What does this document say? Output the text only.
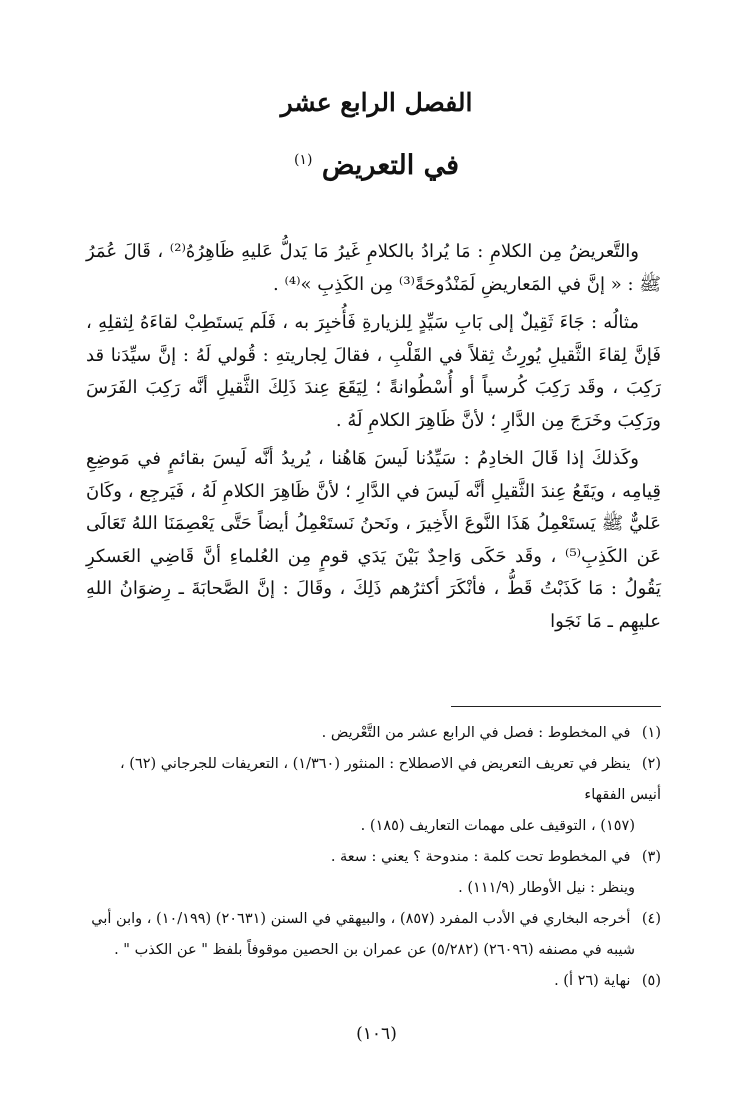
الفصل الرابع عشر
في التعريض $^{(١)}$

والتَّعريضُ مِن الكلامِ : مَا يُرادُ بالكلامِ غَيرُ مَا يَدلُّ عَليهِ ظَاهِرُهُ⁽²⁾ ، قَالَ عُمَرُ ﷺ : « إنَّ في المَعاريضِ لَمَنْدُوحَةً⁽³⁾ مِن الكَذِبِ »⁽⁴⁾ .

مثالُه : جَاءَ ثَقِيلٌ إلى بَابِ سَيِّدٍ لِلزيارةِ فَأُخبِرَ به ، فَلَم يَستَطِبْ لقاءَهُ لِثقلِهِ ، فَإنَّ لِقاءَ الثَّقيلِ يُورِثُ ثِقلاً في القَلْبِ ، فقالَ لِجاريتهِ : قُولي لَهُ : إنَّ سيِّدَنا قد رَكِبَ ، وقَد رَكِبَ كُرسياً أو أُسْطُوانةً ؛ لِيَقَعَ عِندَ ذَلِكَ الثَّقيلِ أنَّه رَكِبَ الفَرَسَ ورَكِبَ وخَرَجَ مِن الدَّارِ ؛ لأنَّ ظَاهِرَ الكلامِ لَهُ .

وكَذلكَ إذا قَالَ الخادِمُ : سَيِّدُنا لَيسَ هَاهُنا ، يُريدُ أنَّه لَيسَ بقائمٍ في مَوضِعِ قِيامِه ، ويَقَعُ عِندَ الثَّقيلِ أنَّه لَيسَ في الدَّارِ ؛ لأنَّ ظَاهِرَ الكلامِ لَهُ ، فَيَرجِع ، وكَانَ عَليٌّ ﷺ يَستَعْمِلُ هَذَا النَّوعَ الأَخِيرَ ، ونَحنُ نَستَعْمِلُ أيضاً حَتَّى يَعْصِمَنَا اللهُ تَعَالَى عَن الكَذِبِ⁽⁵⁾ ، وقَد حَكَى وَاحِدٌ بَيْنَ يَدَي قومٍ مِن العُلماءِ أنَّ قَاضِي العَسكرِ يَقُولُ : مَا كَذَبْتُ قَطُّ ، فأنْكَرَ أكثرُهم ذَلِكَ ، وقَالَ : إنَّ الصَّحابَةَ ـ رِضوَانُ اللهِ عليهِم ـ مَا نَجَوا

(١) في المخطوط : فصل في الرابع عشر من التَّعْريض .
(٢) ينظر في تعريف التعريض في الاصطلاح : المنثور (١/٣٦٠) ، التعريفات للجرجاني (٦٢) ، أنيس الفقهاء
(١٥٧) ، التوقيف على مهمات التعاريف (١٨٥) .
(٣) في المخطوط تحت كلمة : مندوحة ؟ يعني : سعة .
وينظر : نيل الأوطار (١١١/٩) .
(٤) أخرجه البخاري في الأدب المفرد (٨٥٧) ، والبيهقي في السنن (٢٠٦٣١) (١٠/١٩٩) ، وابن أبي
شيبه في مصنفه (٢٦٠٩٦) (٥/٢٨٢) عن عمران بن الحصين موقوفاً بلفظ " عن الكذب " .
(٥) نهاية (٢٦ أ) .
(١٠٦)
